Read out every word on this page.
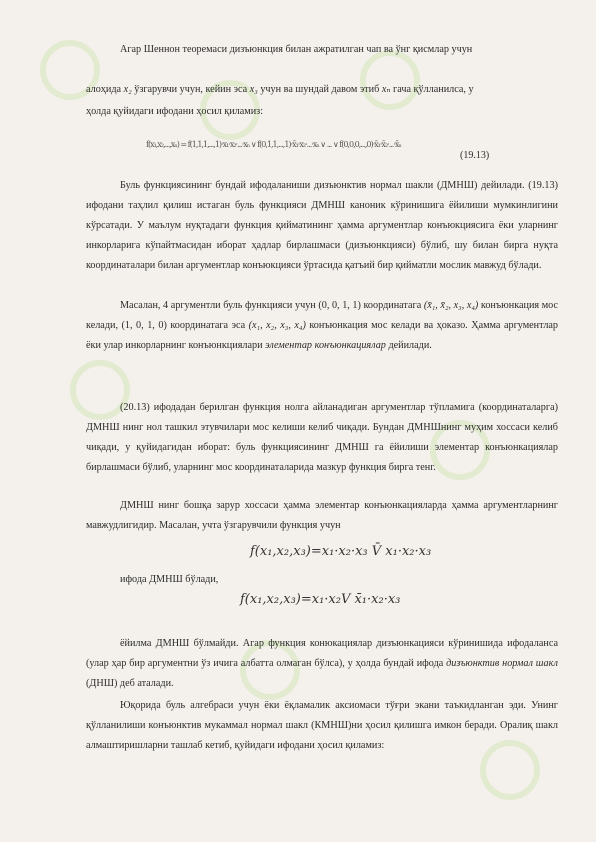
Агар Шеннон теоремаси дизъюнкция билан ажратилган чап ва ўнг қисмлар учун
алоҳида x₂ ўзгарувчи учун, кейин эса x₃ учун ва шундай давом этиб xₙ гача қўлланилса, у
ҳолда қуйидаги ифодани ҳосил қиламиз:
f(x₁,x₂,...,xₙ) = f(1,1,1,...,1)·x₁·x₂·...·xₙ ∨ f(0,1,1,...,1)·x̄₁·x₂·...·xₙ ∨ ... ∨ f(0,0,0,...,0)·x̄₁·x̄₂·...·x̄ₙ
(19.13)
Буль функциясининг бундай ифодаланиши дизъюнктив нормал шакли (ДМНШ) дейилади. (19.13) ифодани таҳлил қилиш истаган буль функцияси ДМНШ каноник кўринишига ёйилиши мумкинлигини кўрсатади. У маълум нуқтадаги функция қийматининг ҳамма аргументлар конъюкциясига ёки уларнинг инкорларига кўпайтмасидан иборат ҳадлар бирлашмаси (дизъюнкцияси) бўлиб, шу билан бирга нуқта координаталари билан аргументлар конъюкцияси ўртасида қатъий бир қийматли мослик мавжуд бўлади.
Масалан, 4 аргументли буль функцияси учун (0, 0, 1, 1) координатага (x̄₁, x̄₂, x₃, x₄) конъюнкация мос келади, (1, 0, 1, 0) координатага эса (x₁, x₂, x₃, x₄) конъюнкация мос келади ва ҳоказо. Ҳамма аргументлар ёки улар инкорларнинг конъюнкциялари элементар конъюнкациялар дейилади.
(20.13) ифодадан берилган функция нолга айланадиган аргументлар тўпламига (координаталарга) ДМНШ нинг нол ташкил этувчилари мос келиши келиб чиқади. Бундан ДМНШнинг муҳим хоссаси келиб чиқади, у қуйидагидан иборат: буль функциясининг ДМНШ га ёйилиши элементар конъюнкациялар бирлашмаси бўлиб, уларнинг мос координаталарида мазкур функция бирга тенг.
ДМНШ нинг бошқа зарур хоссаси ҳамма элементар конъюнкацияларда ҳамма аргументларнинг мавжудлигидир. Масалан, учта ўзгарувчили функция учун
f(x₁,x₂,x₃)=x₁·x₂·x₃ V̄ x₁·x₂·x₃
ифода ДМНШ бўлади,
f(x₁,x₂,x₃)=x₁·x₂V x̄₁·x₂·x₃
ёйилма ДМНШ бўлмайди. Агар функция конюкациялар дизъюнкацияси кўринишида ифодаланса (улар ҳар бир аргументни ўз ичига албатта олмаган бўлса), у ҳолда бундай ифода дизъюнктив нормал шакл (ДНШ) деб аталади.
Юқорида буль алгебраси учун ёки ёқламалик аксиомаси тўғри экани таъкидланган эди. Унинг қўлланилиши конъюнктив мукаммал нормал шакл (КМНШ)ни ҳосил қилишга имкон беради. Оралиқ шакл алмаштиришларни ташлаб кетиб, қуйидаги ифодани ҳосил қиламиз:
